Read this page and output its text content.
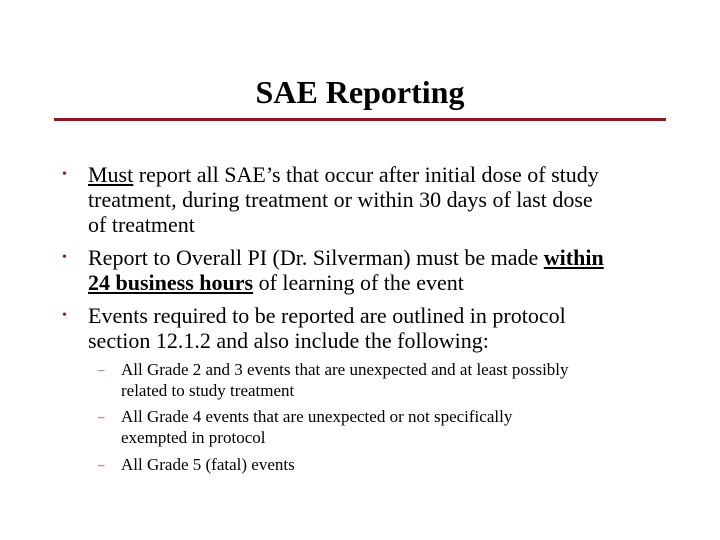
SAE Reporting
• Must report all SAE’s that occur after initial dose of study
treatment, during treatment or within 30 days of last dose
of treatment
• Report to Overall PI (Dr. Silverman) must be made within
24 business hours of learning of the event
• Events required to be reported are outlined in protocol
section 12.1.2 and also include the following:
– All Grade 2 and 3 events that are unexpected and at least possibly
related to study treatment
– All Grade 4 events that are unexpected or not specifically
exempted in protocol
– All Grade 5 (fatal) events
